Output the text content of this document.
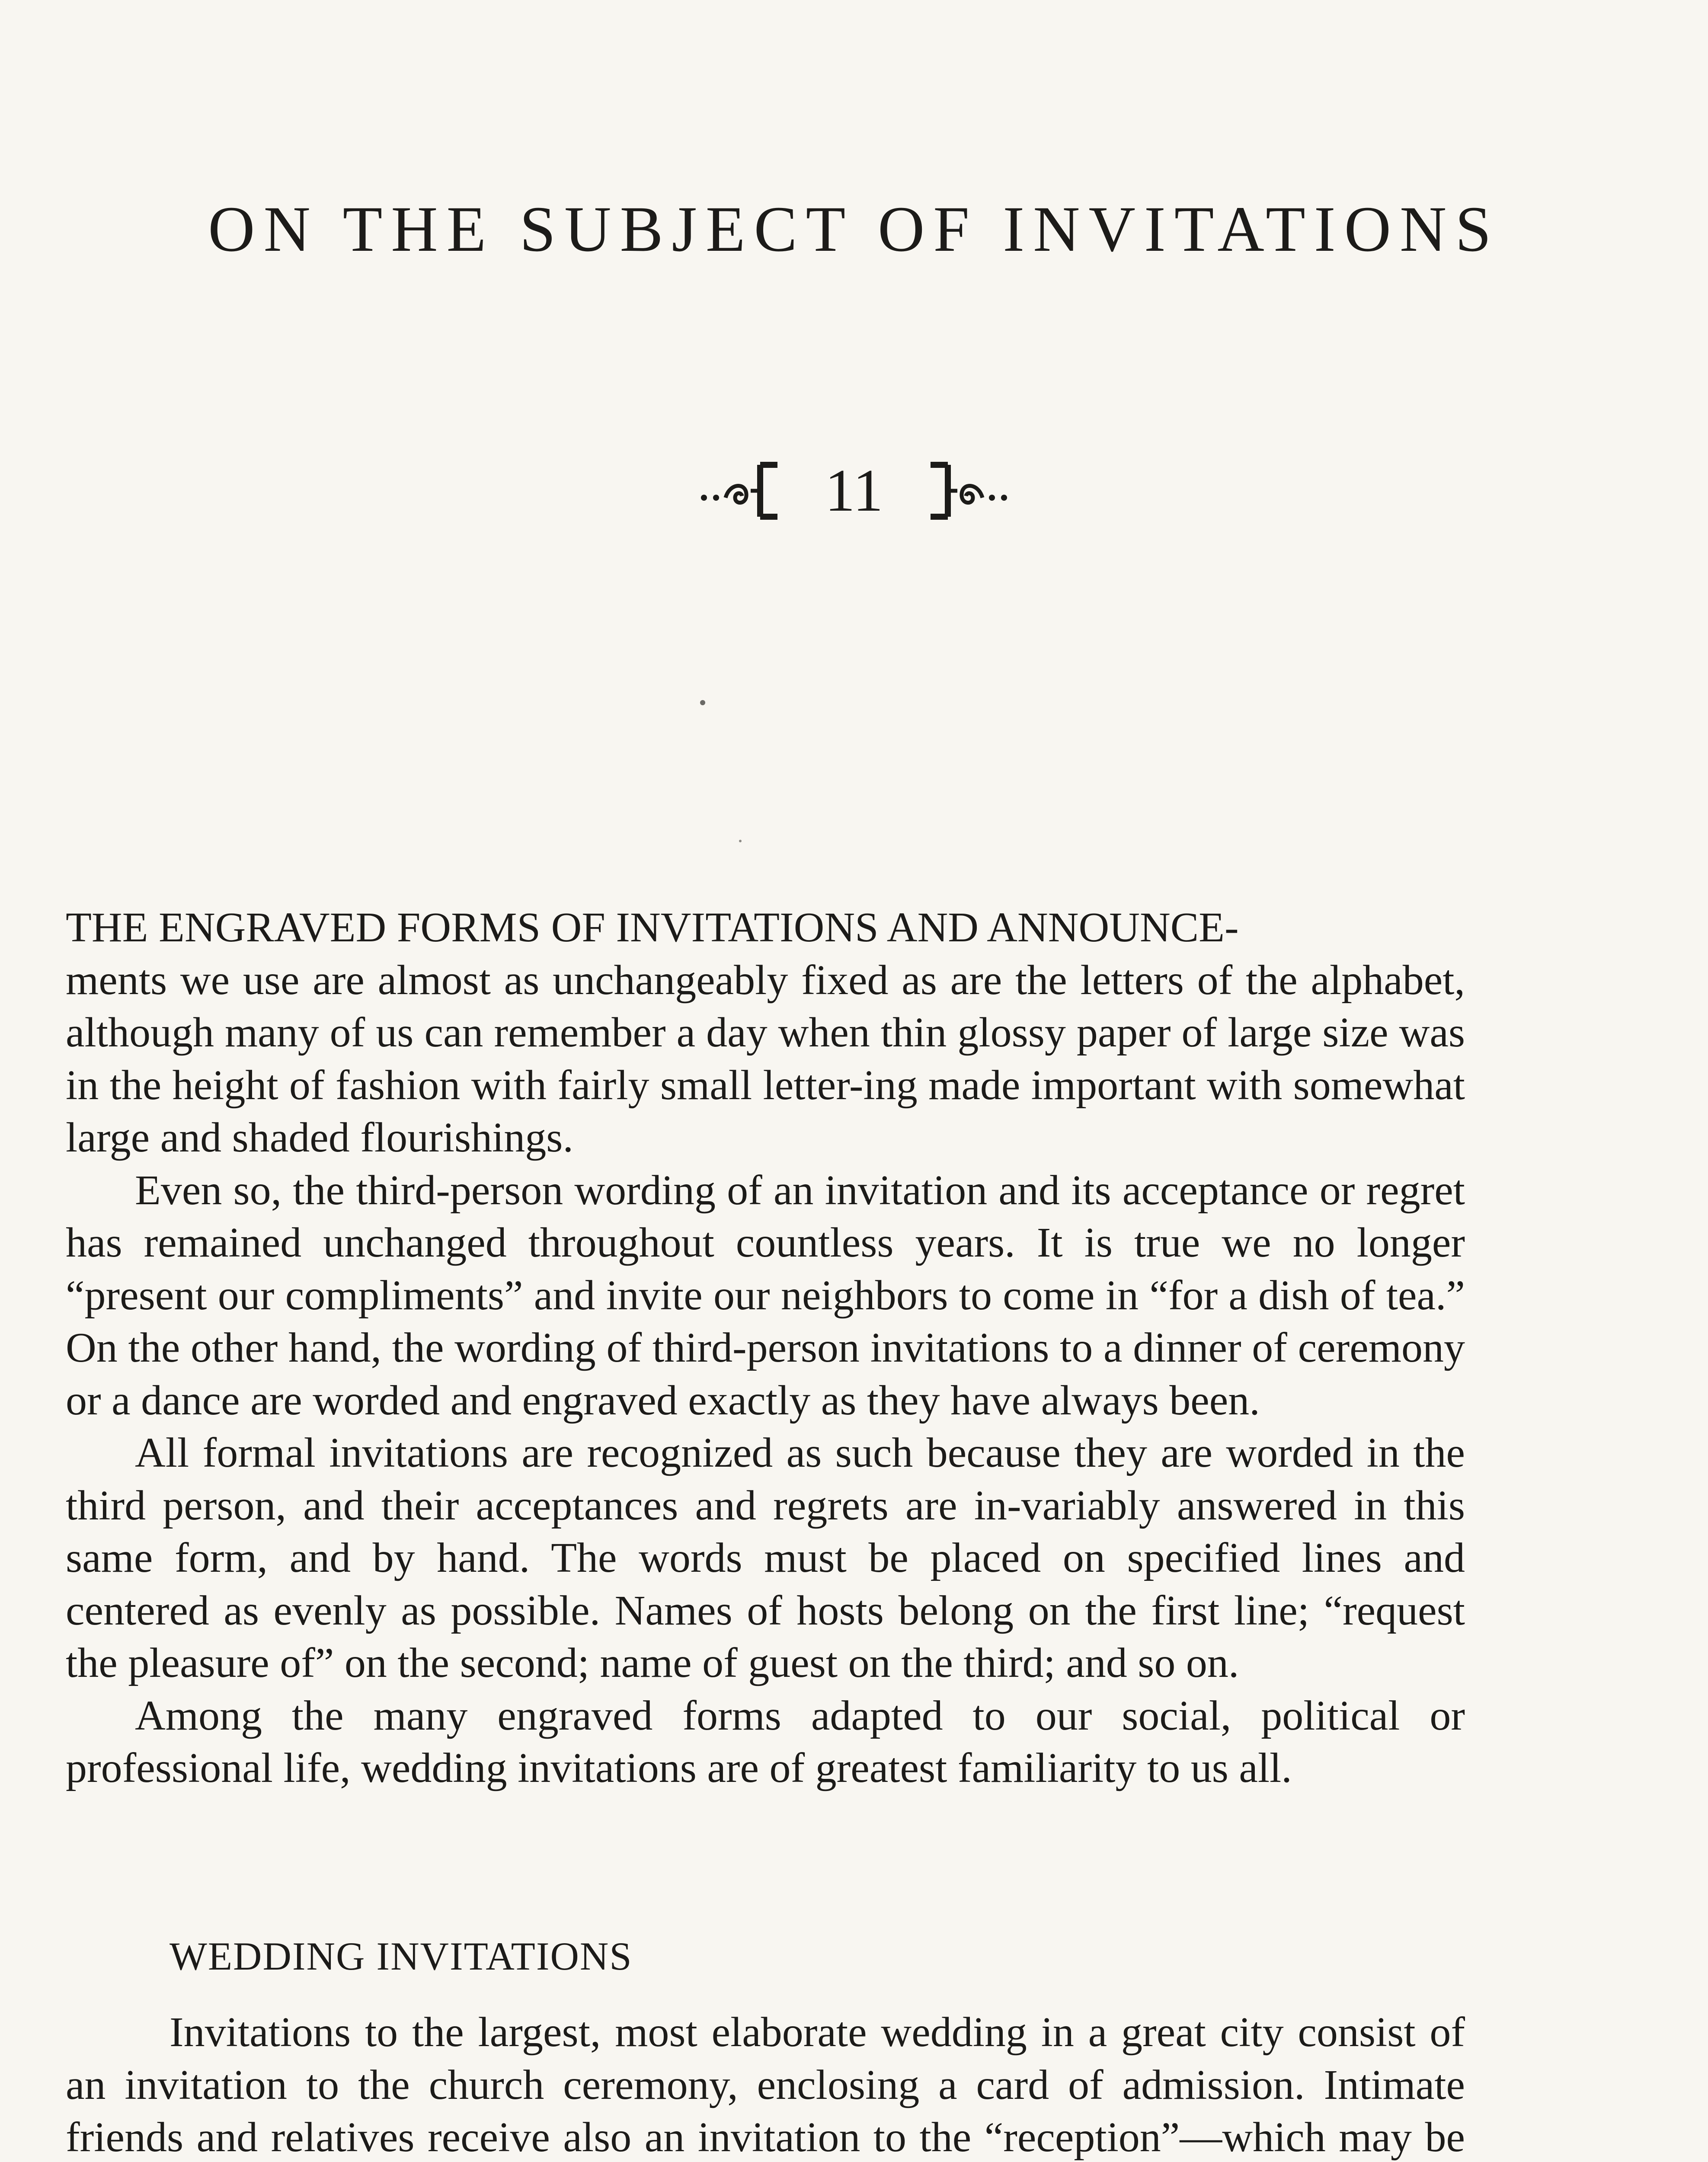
ON THE SUBJECT OF INVITATIONS
11

THE ENGRAVED FORMS OF INVITATIONS AND ANNOUNCE-
ments we use are almost as unchangeably fixed as are the letters of the alphabet, although many of us can remember a day when thin glossy paper of large size was in the height of fashion with fairly small letter-ing made important with somewhat large and shaded flourishings.

Even so, the third-person wording of an invitation and its acceptance or regret has remained unchanged throughout countless years. It is true we no longer “present our compliments” and invite our neighbors to come in “for a dish of tea.” On the other hand, the wording of third-person invitations to a dinner of ceremony or a dance are worded and engraved exactly as they have always been.

All formal invitations are recognized as such because they are worded in the third person, and their acceptances and regrets are in-variably answered in this same form, and by hand. The words must be placed on specified lines and centered as evenly as possible. Names of hosts belong on the first line; “request the pleasure of” on the second; name of guest on the third; and so on.

Among the many engraved forms adapted to our social, political or professional life, wedding invitations are of greatest familiarity to us all.

WEDDING INVITATIONS

Invitations to the largest, most elaborate wedding in a great city consist of an invitation to the church ceremony, enclosing a card of admission. Intimate friends and relatives receive also an invitation to the “reception”—which may be
